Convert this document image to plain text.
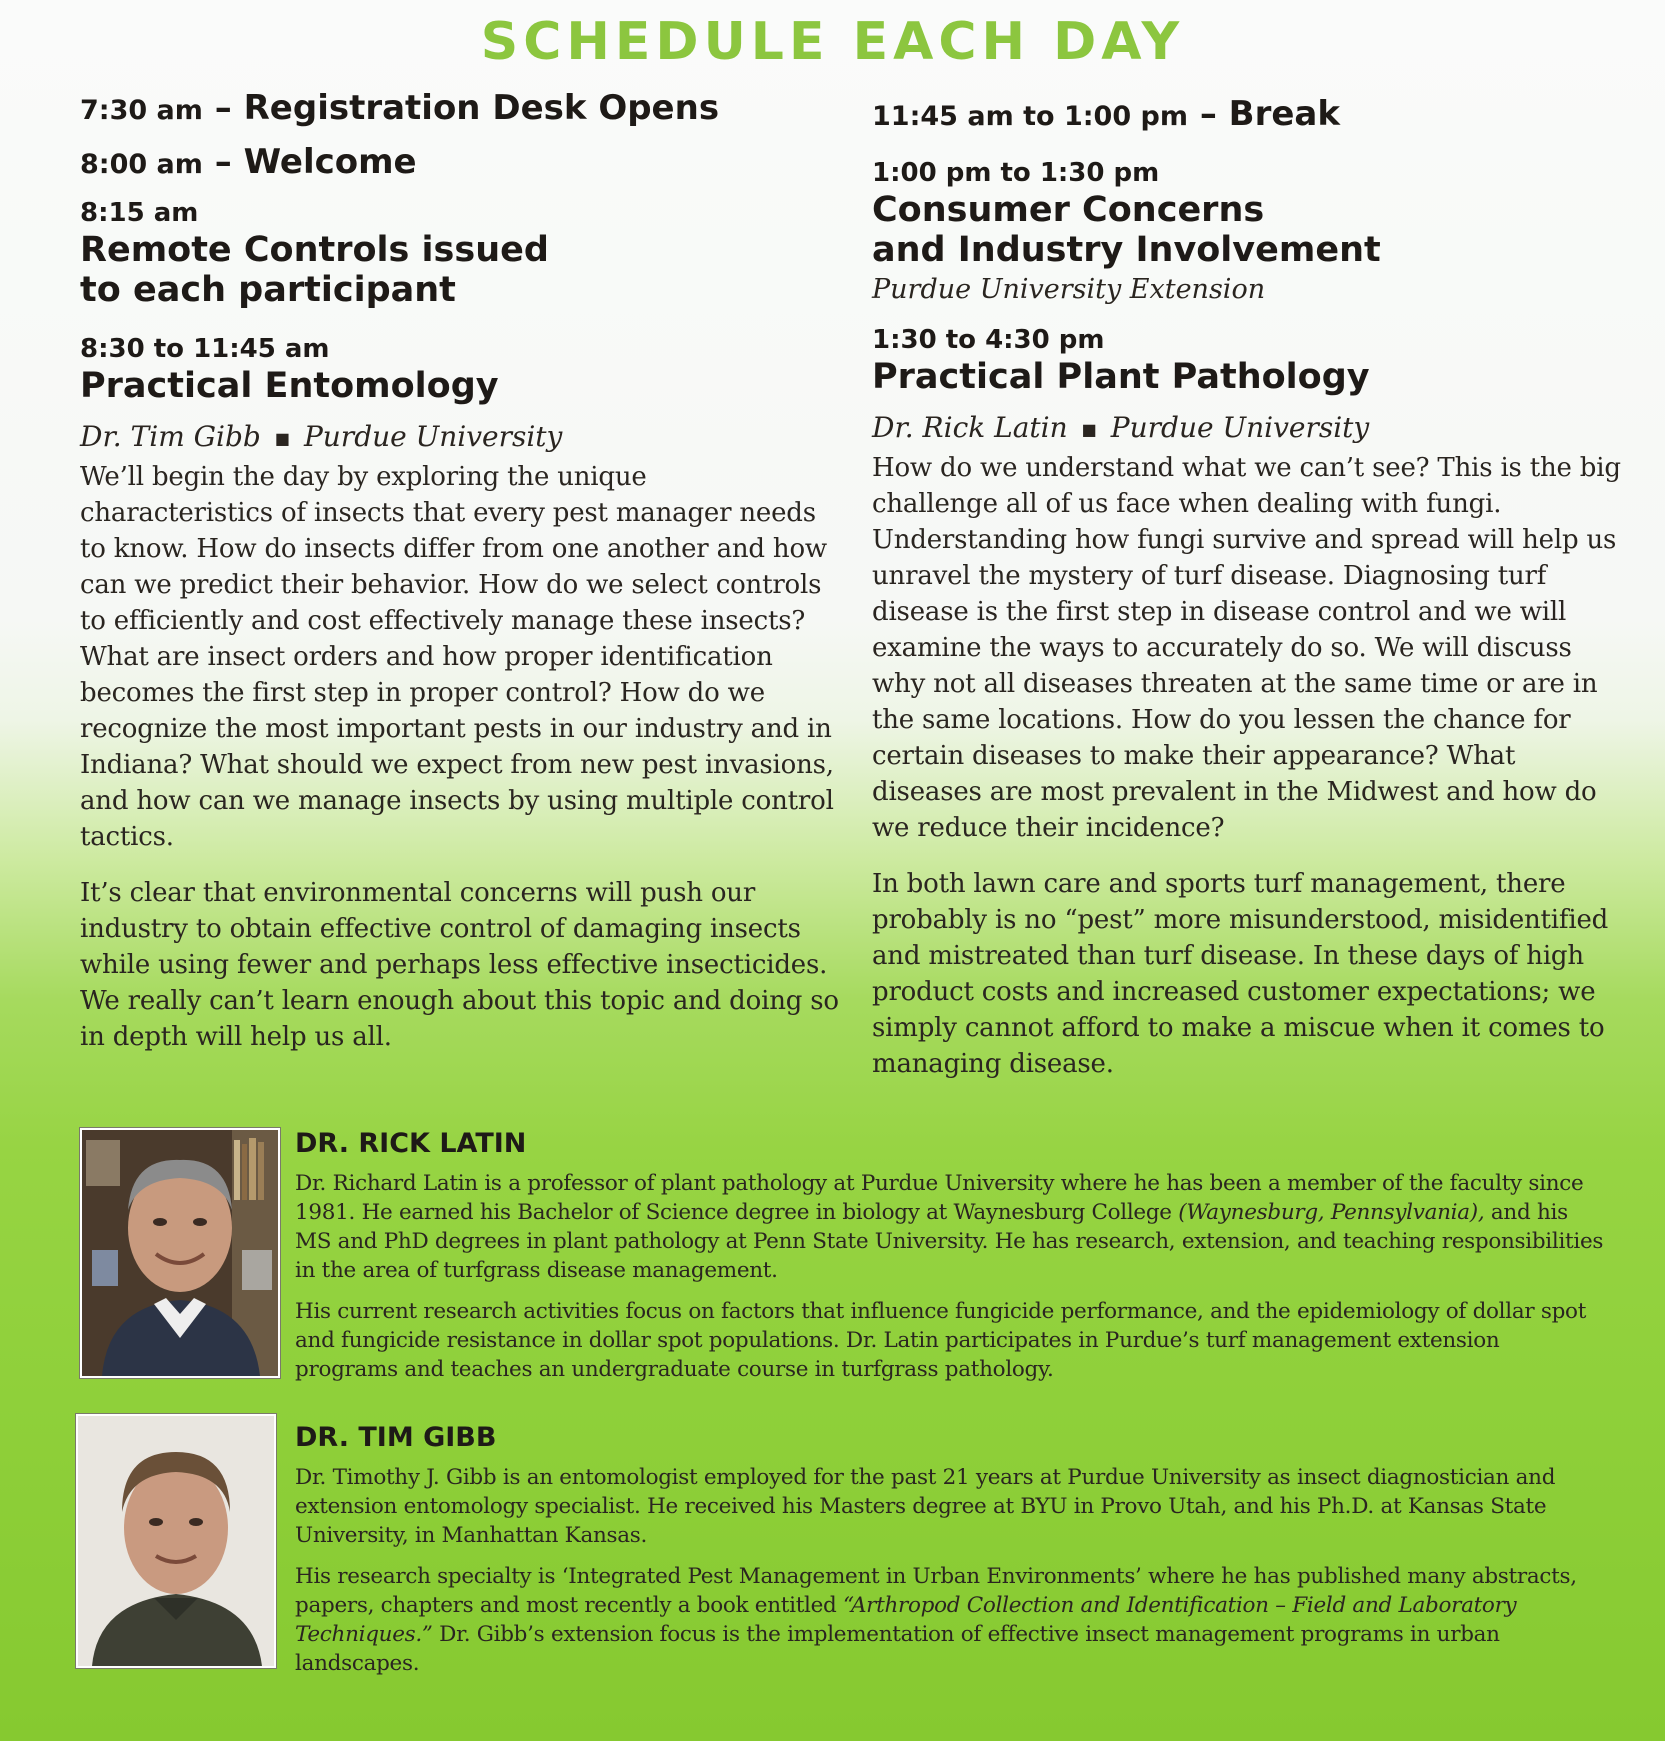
SCHEDULE EACH DAY
7:30 am – Registration Desk Opens
8:00 am – Welcome
8:15 am
Remote Controls issued
to each participant
8:30 to 11:45 am
Practical Entomology
Dr. Tim Gibb ■ Purdue University

We’ll begin the day by exploring the unique characteristics of insects that every pest manager needs to know. How do insects differ from one another and how can we predict their behavior. How do we select controls to efficiently and cost effectively manage these insects? What are insect orders and how proper identification becomes the first step in proper control? How do we recognize the most important pests in our industry and in Indiana? What should we expect from new pest invasions, and how can we manage insects by using multiple control tactics.

It’s clear that environmental concerns will push our industry to obtain effective control of damaging insects while using fewer and perhaps less effective insecticides. We really can’t learn enough about this topic and doing so in depth will help us all.

11:45 am to 1:00 pm – Break
1:00 pm to 1:30 pm
Consumer Concerns
and Industry Involvement
Purdue University Extension
1:30 to 4:30 pm
Practical Plant Pathology
Dr. Rick Latin ■ Purdue University

How do we understand what we can’t see? This is the big challenge all of us face when dealing with fungi. Understanding how fungi survive and spread will help us unravel the mystery of turf disease. Diagnosing turf disease is the first step in disease control and we will examine the ways to accurately do so. We will discuss why not all diseases threaten at the same time or are in the same locations. How do you lessen the chance for certain diseases to make their appearance? What diseases are most prevalent in the Midwest and how do we reduce their incidence?

In both lawn care and sports turf management, there probably is no “pest” more misunderstood, misidentified and mistreated than turf disease. In these days of high product costs and increased customer expectations; we simply cannot afford to make a miscue when it comes to managing disease.

DR. RICK LATIN

Dr. Richard Latin is a professor of plant pathology at Purdue University where he has been a member of the faculty since 1981. He earned his Bachelor of Science degree in biology at Waynesburg College (Waynesburg, Pennsylvania), and his MS and PhD degrees in plant pathology at Penn State University. He has research, extension, and teaching responsibilities in the area of turfgrass disease management.

His current research activities focus on factors that influence fungicide performance, and the epidemiology of dollar spot and fungicide resistance in dollar spot populations. Dr. Latin participates in Purdue’s turf management extension programs and teaches an undergraduate course in turfgrass pathology.

DR. TIM GIBB

Dr. Timothy J. Gibb is an entomologist employed for the past 21 years at Purdue University as insect diagnostician and extension entomology specialist. He received his Masters degree at BYU in Provo Utah, and his Ph.D. at Kansas State University, in Manhattan Kansas.

His research specialty is ‘Integrated Pest Management in Urban Environments’ where he has published many abstracts, papers, chapters and most recently a book entitled “Arthropod Collection and Identification – Field and Laboratory Techniques.” Dr. Gibb’s extension focus is the implementation of effective insect management programs in urban landscapes.
